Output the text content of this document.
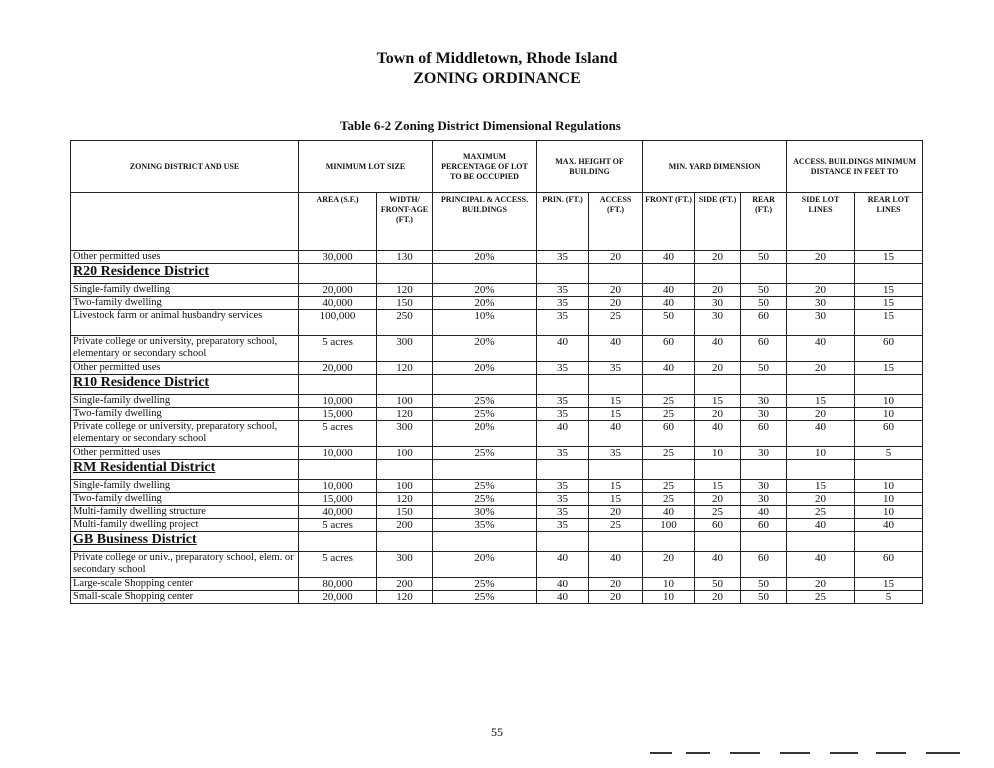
Town of Middletown, Rhode Island
ZONING ORDINANCE
Table 6-2 Zoning District Dimensional Regulations
ZONING DISTRICT AND USE	MINIMUM LOT SIZE		MAXIMUM PERCENTAGE OF LOT TO BE OCCUPIED	MAX. HEIGHT OF BUILDING		MIN. YARD DIMENSION			ACCESS. BUILDINGS MINIMUM DISTANCE IN FEET TO	
	AREA (S.F.)	WIDTH/ FRONT-AGE (FT.)	PRINCIPAL & ACCESS. BUILDINGS	PRIN. (FT.)	ACCESS (FT.)	FRONT (FT.)	SIDE (FT.)	REAR (FT.)	SIDE LOT LINES	REAR LOT LINES
Other permitted uses	30,000	130	20%	35	20	40	20	50	20	15
R20 Residence District										
Single-family dwelling	20,000	120	20%	35	20	40	20	50	20	15
Two-family dwelling	40,000	150	20%	35	20	40	30	50	30	15
Livestock farm or animal husbandry services	100,000	250	10%	35	25	50	30	60	30	15
Private college or university, preparatory school, elementary or secondary school	5 acres	300	20%	40	40	60	40	60	40	60
Other permitted uses	20,000	120	20%	35	35	40	20	50	20	15
R10 Residence District										
Single-family dwelling	10,000	100	25%	35	15	25	15	30	15	10
Two-family dwelling	15,000	120	25%	35	15	25	20	30	20	10
Private college or university, preparatory school, elementary or secondary school	5 acres	300	20%	40	40	60	40	60	40	60
Other permitted uses	10,000	100	25%	35	35	25	10	30	10	5
RM Residential District										
Single-family dwelling	10,000	100	25%	35	15	25	15	30	15	10
Two-family dwelling	15,000	120	25%	35	15	25	20	30	20	10
Multi-family dwelling structure	40,000	150	30%	35	20	40	25	40	25	10
Multi-family dwelling project	5 acres	200	35%	35	25	100	60	60	40	40
GB Business District										
Private college or univ., preparatory school, elem. or secondary school	5 acres	300	20%	40	40	20	40	60	40	60
Large-scale Shopping center	80,000	200	25%	40	20	10	50	50	20	15
Small-scale Shopping center	20,000	120	25%	40	20	10	20	50	25	5
55
